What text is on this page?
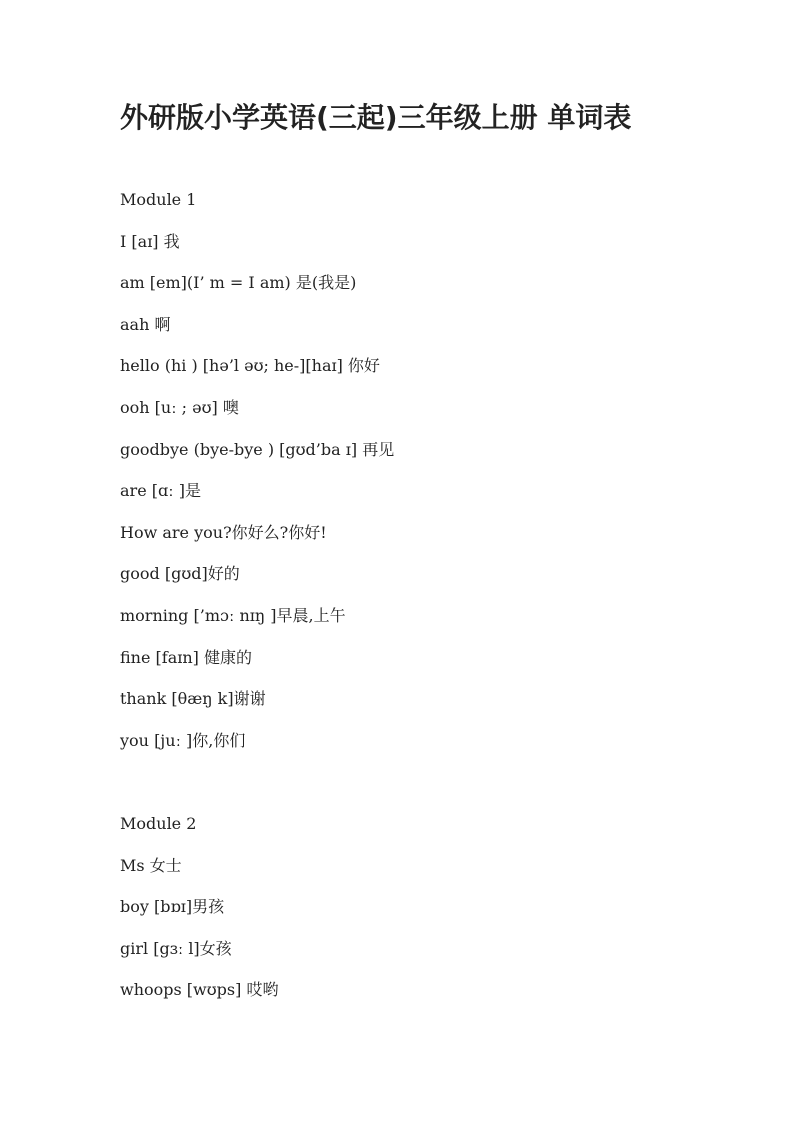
外研版小学英语(三起)三年级上册 单词表
Module 1
I [aɪ] 我
am [em](I’ m = I am) 是(我是)
aah 啊
hello (hi ) [hə’l əʊ; he-][haɪ] 你好
ooh [uː ; əʊ] 噢
goodbye (bye-bye ) [gʊd’ba ɪ] 再见
are [ɑː ]是
How are you?你好么?你好!
good [gʊd]好的
morning [’mɔː nɪŋ ]早晨,上午
fine [faɪn] 健康的
thank [θæŋ k]谢谢
you [juː ]你,你们
Module 2
Ms 女士
boy [bɒɪ]男孩
girl [gɜː l]女孩
whoops [wʊps] 哎哟
